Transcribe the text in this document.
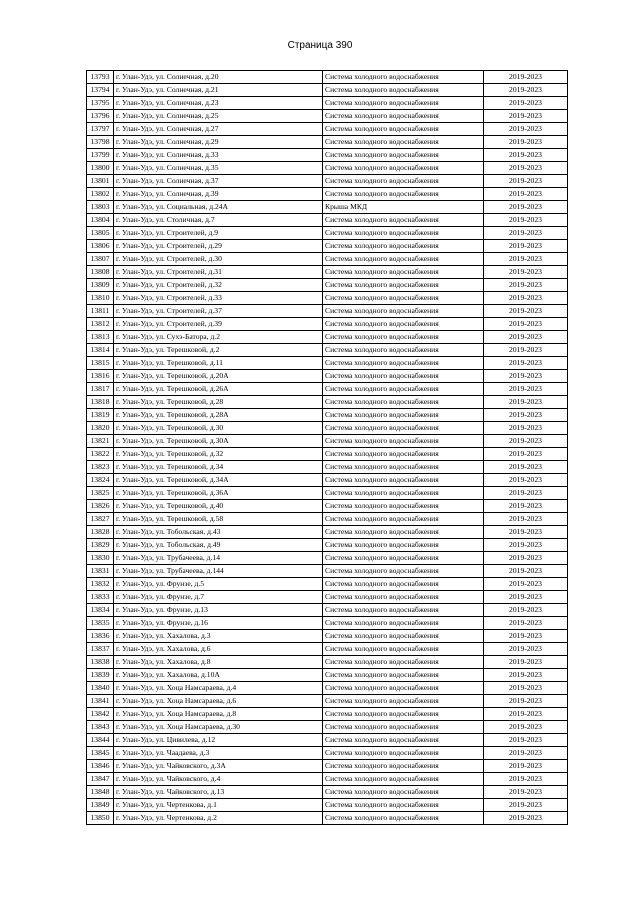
Страница 390
13793	г. Улан-Удэ, ул. Солнечная, д.20	Система холодного водоснабжения	2019-2023
13794	г. Улан-Удэ, ул. Солнечная, д.21	Система холодного водоснабжения	2019-2023
13795	г. Улан-Удэ, ул. Солнечная, д.23	Система холодного водоснабжения	2019-2023
13796	г. Улан-Удэ, ул. Солнечная, д.25	Система холодного водоснабжения	2019-2023
13797	г. Улан-Удэ, ул. Солнечная, д.27	Система холодного водоснабжения	2019-2023
13798	г. Улан-Удэ, ул. Солнечная, д.29	Система холодного водоснабжения	2019-2023
13799	г. Улан-Удэ, ул. Солнечная, д.33	Система холодного водоснабжения	2019-2023
13800	г. Улан-Удэ, ул. Солнечная, д.35	Система холодного водоснабжения	2019-2023
13801	г. Улан-Удэ, ул. Солнечная, д.37	Система холодного водоснабжения	2019-2023
13802	г. Улан-Удэ, ул. Солнечная, д.39	Система холодного водоснабжения	2019-2023
13803	г. Улан-Удэ, ул. Социальная, д.24А	Крыша МКД	2019-2023
13804	г. Улан-Удэ, ул. Столичная, д.7	Система холодного водоснабжения	2019-2023
13805	г. Улан-Удэ, ул. Строителей, д.9	Система холодного водоснабжения	2019-2023
13806	г. Улан-Удэ, ул. Строителей, д.29	Система холодного водоснабжения	2019-2023
13807	г. Улан-Удэ, ул. Строителей, д.30	Система холодного водоснабжения	2019-2023
13808	г. Улан-Удэ, ул. Строителей, д.31	Система холодного водоснабжения	2019-2023
13809	г. Улан-Удэ, ул. Строителей, д.32	Система холодного водоснабжения	2019-2023
13810	г. Улан-Удэ, ул. Строителей, д.33	Система холодного водоснабжения	2019-2023
13811	г. Улан-Удэ, ул. Строителей, д.37	Система холодного водоснабжения	2019-2023
13812	г. Улан-Удэ, ул. Строителей, д.39	Система холодного водоснабжения	2019-2023
13813	г. Улан-Удэ, ул. Сухэ-Батора, д.2	Система холодного водоснабжения	2019-2023
13814	г. Улан-Удэ, ул. Терешковой, д.2	Система холодного водоснабжения	2019-2023
13815	г. Улан-Удэ, ул. Терешковой, д.11	Система холодного водоснабжения	2019-2023
13816	г. Улан-Удэ, ул. Терешковой, д.20А	Система холодного водоснабжения	2019-2023
13817	г. Улан-Удэ, ул. Терешковой, д.26А	Система холодного водоснабжения	2019-2023
13818	г. Улан-Удэ, ул. Терешковой, д.28	Система холодного водоснабжения	2019-2023
13819	г. Улан-Удэ, ул. Терешковой, д.28А	Система холодного водоснабжения	2019-2023
13820	г. Улан-Удэ, ул. Терешковой, д.30	Система холодного водоснабжения	2019-2023
13821	г. Улан-Удэ, ул. Терешковой, д.30А	Система холодного водоснабжения	2019-2023
13822	г. Улан-Удэ, ул. Терешковой, д.32	Система холодного водоснабжения	2019-2023
13823	г. Улан-Удэ, ул. Терешковой, д.34	Система холодного водоснабжения	2019-2023
13824	г. Улан-Удэ, ул. Терешковой, д.34А	Система холодного водоснабжения	2019-2023
13825	г. Улан-Удэ, ул. Терешковой, д.36А	Система холодного водоснабжения	2019-2023
13826	г. Улан-Удэ, ул. Терешковой, д.40	Система холодного водоснабжения	2019-2023
13827	г. Улан-Удэ, ул. Терешковой, д.58	Система холодного водоснабжения	2019-2023
13828	г. Улан-Удэ, ул. Тобольская, д.43	Система холодного водоснабжения	2019-2023
13829	г. Улан-Удэ, ул. Тобольская, д.49	Система холодного водоснабжения	2019-2023
13830	г. Улан-Удэ, ул. Трубачеева, д.14	Система холодного водоснабжения	2019-2023
13831	г. Улан-Удэ, ул. Трубачеева, д.144	Система холодного водоснабжения	2019-2023
13832	г. Улан-Удэ, ул. Фрунзе, д.5	Система холодного водоснабжения	2019-2023
13833	г. Улан-Удэ, ул. Фрунзе, д.7	Система холодного водоснабжения	2019-2023
13834	г. Улан-Удэ, ул. Фрунзе, д.13	Система холодного водоснабжения	2019-2023
13835	г. Улан-Удэ, ул. Фрунзе, д.16	Система холодного водоснабжения	2019-2023
13836	г. Улан-Удэ, ул. Хахалова, д.3	Система холодного водоснабжения	2019-2023
13837	г. Улан-Удэ, ул. Хахалова, д.6	Система холодного водоснабжения	2019-2023
13838	г. Улан-Удэ, ул. Хахалова, д.8	Система холодного водоснабжения	2019-2023
13839	г. Улан-Удэ, ул. Хахалова, д.10А	Система холодного водоснабжения	2019-2023
13840	г. Улан-Удэ, ул. Хоца Намсараева, д.4	Система холодного водоснабжения	2019-2023
13841	г. Улан-Удэ, ул. Хоца Намсараева, д.6	Система холодного водоснабжения	2019-2023
13842	г. Улан-Удэ, ул. Хоца Намсараева, д.8	Система холодного водоснабжения	2019-2023
13843	г. Улан-Удэ, ул. Хоца Намсараева, д.30	Система холодного водоснабжения	2019-2023
13844	г. Улан-Удэ, ул. Цивилева, д.12	Система холодного водоснабжения	2019-2023
13845	г. Улан-Удэ, ул. Чаадаева, д.3	Система холодного водоснабжения	2019-2023
13846	г. Улан-Удэ, ул. Чайковского, д.3А	Система холодного водоснабжения	2019-2023
13847	г. Улан-Удэ, ул. Чайковского, д.4	Система холодного водоснабжения	2019-2023
13848	г. Улан-Удэ, ул. Чайковского, д.13	Система холодного водоснабжения	2019-2023
13849	г. Улан-Удэ, ул. Чертенкова, д.1	Система холодного водоснабжения	2019-2023
13850	г. Улан-Удэ, ул. Чертенкова, д.2	Система холодного водоснабжения	2019-2023
